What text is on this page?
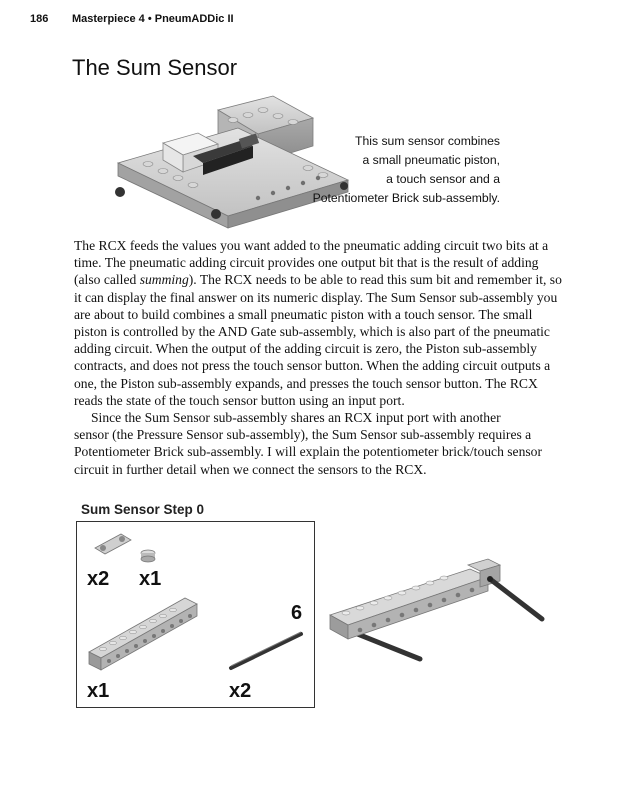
186 Masterpiece 4 • PneumADDic II
The Sum Sensor
This sum sensor combines
a small pneumatic piston,
a touch sensor and a
Potentiometer Brick sub-assembly.

The RCX feeds the values you want added to the pneumatic adding circuit two bits at a

time. The pneumatic adding circuit provides one output bit that is the result of adding

(also called summing). The RCX needs to be able to read this sum bit and remember it, so

it can display the final answer on its numeric display. The Sum Sensor sub-assembly you

are about to build combines a small pneumatic piston with a touch sensor. The small

piston is controlled by the AND Gate sub-assembly, which is also part of the pneumatic

adding circuit. When the output of the adding circuit is zero, the Piston sub-assembly

contracts, and does not press the touch sensor button. When the adding circuit outputs a

one, the Piston sub-assembly expands, and presses the touch sensor button. The RCX

reads the state of the touch sensor button using an input port.

Since the Sum Sensor sub-assembly shares an RCX input port with another

sensor (the Pressure Sensor sub-assembly), the Sum Sensor sub-assembly requires a

Potentiometer Brick sub-assembly. I will explain the potentiometer brick/touch sensor

circuit in further detail when we connect the sensors to the RCX.

Sum Sensor Step 0
x2 x1
x1
6
x2
